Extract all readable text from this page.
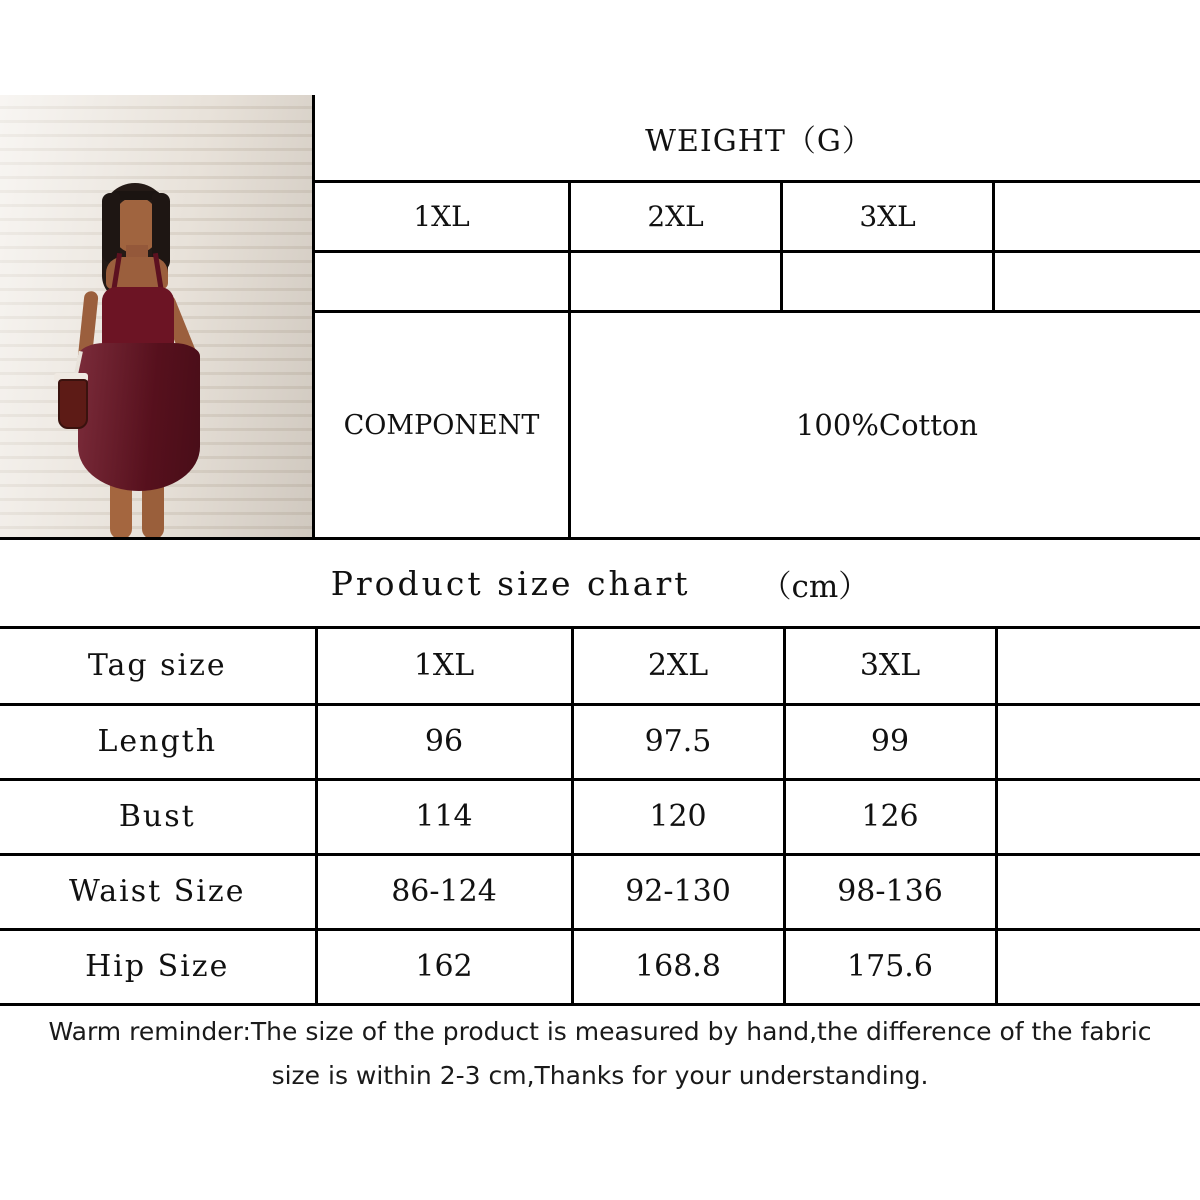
WEIGHT（G）
1XL	2XL	3XL
COMPONENT	100%Cotton
Product size chart （cm）
Tag size	1XL	2XL	3XL	
Length	96	97.5	99	
Bust	114	120	126	
Waist Size	86-124	92-130	98-136	
Hip Size	162	168.8	175.6	
Warm reminder:The size of the product is measured by hand,the difference of the fabric
size is within 2-3 cm,Thanks for your understanding.
